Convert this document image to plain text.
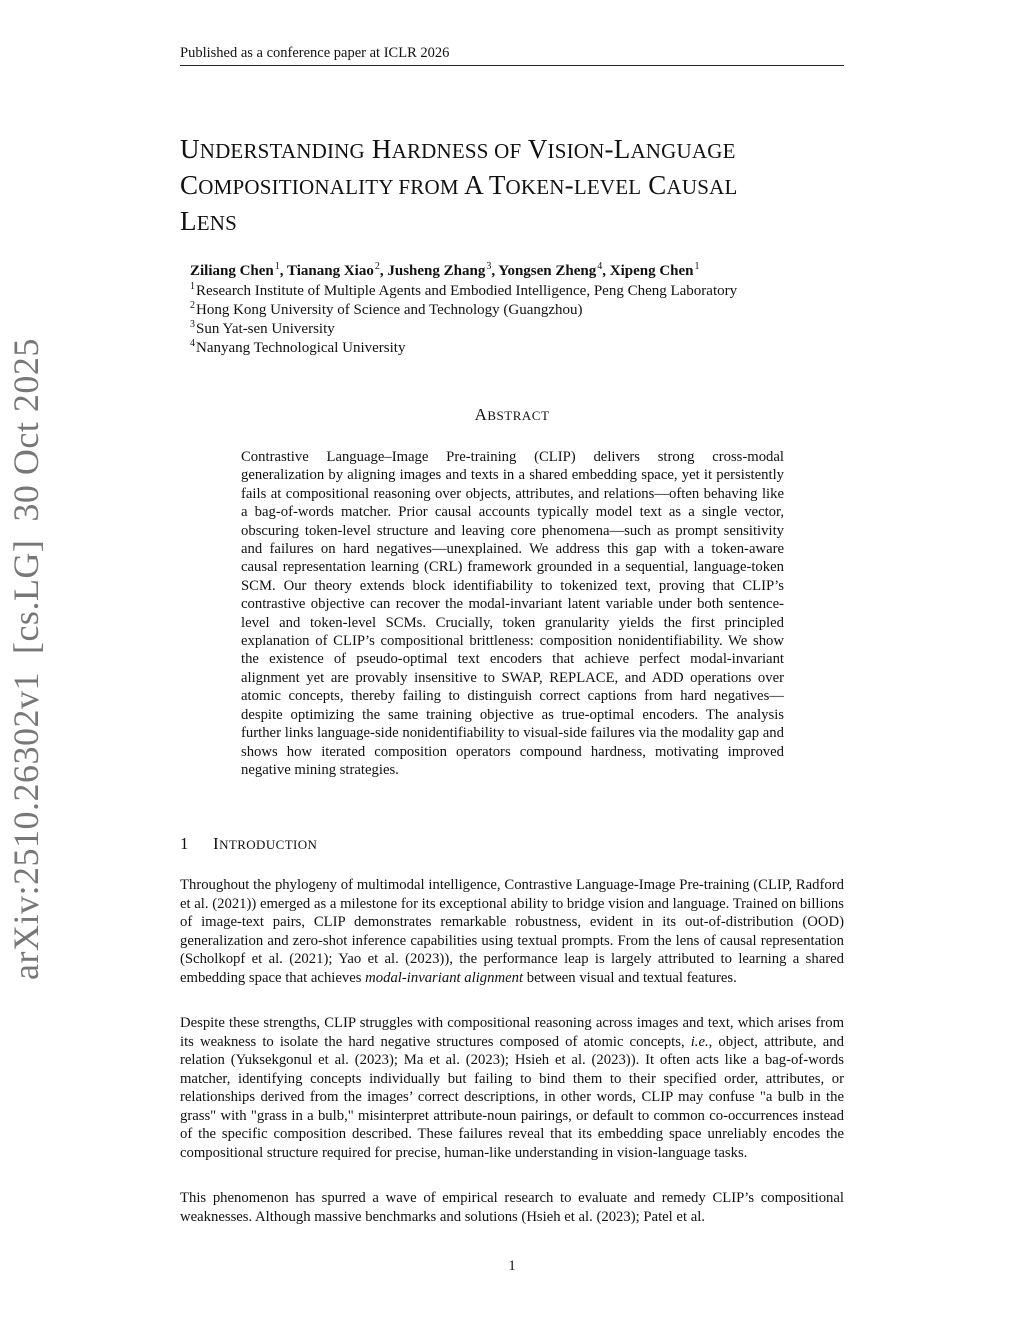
Published as a conference paper at ICLR 2026
UNDERSTANDING HARDNESS OF VISION-LANGUAGE
COMPOSITIONALITY FROM A TOKEN-LEVEL CAUSAL
LENS
Ziliang Chen$^1$, Tianang Xiao$^2$, Jusheng Zhang$^3$, Yongsen Zheng$^4$, Xipeng Chen$^1$
$^1$Research Institute of Multiple Agents and Embodied Intelligence, Peng Cheng Laboratory
$^2$Hong Kong University of Science and Technology (Guangzhou)
$^3$Sun Yat-sen University
$^4$Nanyang Technological University
ABSTRACT
Contrastive Language–Image Pre-training (CLIP) delivers strong cross-modal generalization by aligning images and texts in a shared embedding space, yet it persistently fails at compositional reasoning over objects, attributes, and relations—often behaving like a bag-of-words matcher. Prior causal accounts typically model text as a single vector, obscuring token-level structure and leaving core phenomena—such as prompt sensitivity and failures on hard negatives—unexplained. We address this gap with a token-aware causal representation learning (CRL) framework grounded in a sequential, language-token SCM. Our theory extends block identifiability to tokenized text, proving that CLIP’s contrastive objective can recover the modal-invariant latent variable under both sentence-level and token-level SCMs. Crucially, token granularity yields the first principled explanation of CLIP’s compositional brittleness: composition nonidentifiability. We show the existence of pseudo-optimal text encoders that achieve perfect modal-invariant alignment yet are provably insensitive to SWAP, REPLACE, and ADD operations over atomic concepts, thereby failing to distinguish correct captions from hard negatives—despite optimizing the same training objective as true-optimal encoders. The analysis further links language-side nonidentifiability to visual-side failures via the modality gap and shows how iterated composition operators compound hardness, motivating improved negative mining strategies.
1 INTRODUCTION
Throughout the phylogeny of multimodal intelligence, Contrastive Language-Image Pre-training (CLIP, Radford et al. (2021)) emerged as a milestone for its exceptional ability to bridge vision and language. Trained on billions of image-text pairs, CLIP demonstrates remarkable robustness, evident in its out-of-distribution (OOD) generalization and zero-shot inference capabilities using textual prompts. From the lens of causal representation (Scholkopf et al. (2021); Yao et al. (2023)), the performance leap is largely attributed to learning a shared embedding space that achieves modal-invariant alignment between visual and textual features.
Despite these strengths, CLIP struggles with compositional reasoning across images and text, which arises from its weakness to isolate the hard negative structures composed of atomic concepts, i.e., object, attribute, and relation (Yuksekgonul et al. (2023); Ma et al. (2023); Hsieh et al. (2023)). It often acts like a bag-of-words matcher, identifying concepts individually but failing to bind them to their specified order, attributes, or relationships derived from the images’ correct descriptions, in other words, CLIP may confuse "a bulb in the grass" with "grass in a bulb," misinterpret attribute-noun pairings, or default to common co-occurrences instead of the specific composition described. These failures reveal that its embedding space unreliably encodes the compositional structure required for precise, human-like understanding in vision-language tasks.
This phenomenon has spurred a wave of empirical research to evaluate and remedy CLIP’s compositional weaknesses. Although massive benchmarks and solutions (Hsieh et al. (2023); Patel et al.
1
arXiv:2510.26302v1[cs.LG]30 Oct 2025
